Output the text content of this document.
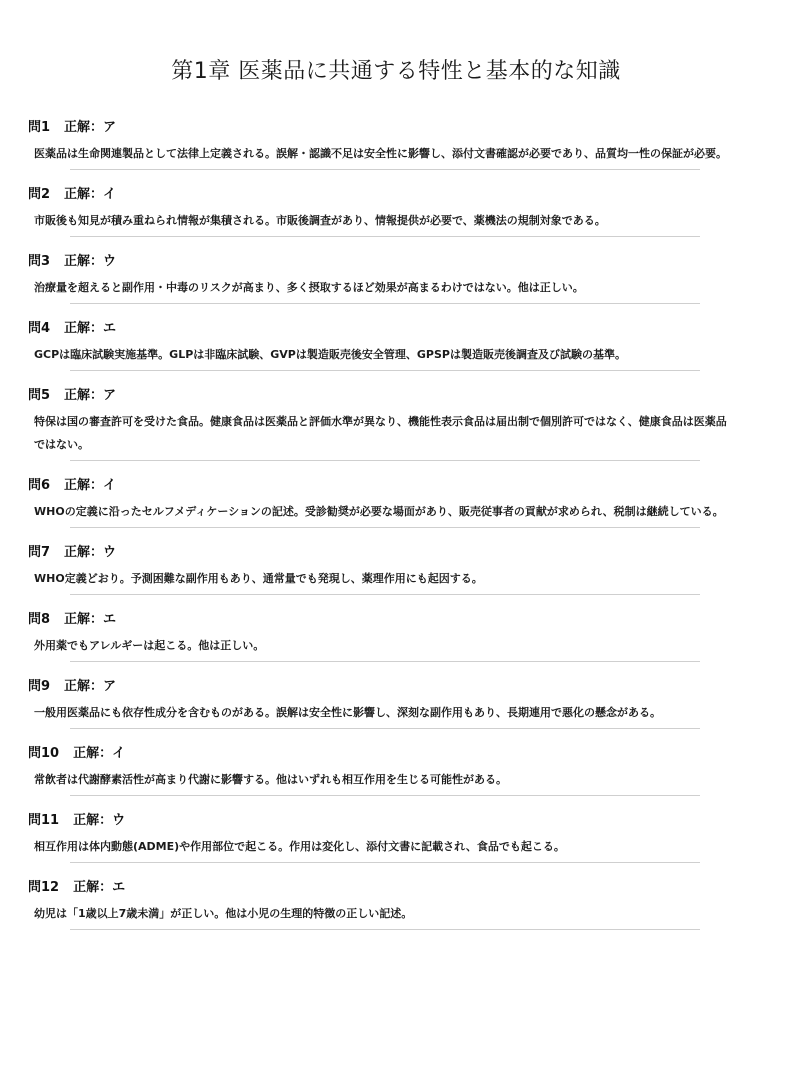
第1章 医薬品に共通する特性と基本的な知識
問1 正解：ア
医薬品は生命関連製品として法律上定義される。誤解・認識不足は安全性に影響し、添付文書確認が必要であり、品質均一性の保証が必要。
問2 正解：イ
市販後も知見が積み重ねられ情報が集積される。市販後調査があり、情報提供が必要で、薬機法の規制対象である。
問3 正解：ウ
治療量を超えると副作用・中毒のリスクが高まり、多く摂取するほど効果が高まるわけではない。他は正しい。
問4 正解：エ
GCPは臨床試験実施基準。GLPは非臨床試験、GVPは製造販売後安全管理、GPSPは製造販売後調査及び試験の基準。
問5 正解：ア
特保は国の審査許可を受けた食品。健康食品は医薬品と評価水準が異なり、機能性表示食品は届出制で個別許可ではなく、健康食品は医薬品ではない。
問6 正解：イ
WHOの定義に沿ったセルフメディケーションの記述。受診勧奨が必要な場面があり、販売従事者の貢献が求められ、税制は継続している。
問7 正解：ウ
WHO定義どおり。予測困難な副作用もあり、通常量でも発現し、薬理作用にも起因する。
問8 正解：エ
外用薬でもアレルギーは起こる。他は正しい。
問9 正解：ア
一般用医薬品にも依存性成分を含むものがある。誤解は安全性に影響し、深刻な副作用もあり、長期連用で悪化の懸念がある。
問10 正解：イ
常飲者は代謝酵素活性が高まり代謝に影響する。他はいずれも相互作用を生じる可能性がある。
問11 正解：ウ
相互作用は体内動態(ADME)や作用部位で起こる。作用は変化し、添付文書に記載され、食品でも起こる。
問12 正解：エ
幼児は「1歳以上7歳未満」が正しい。他は小児の生理的特徴の正しい記述。
